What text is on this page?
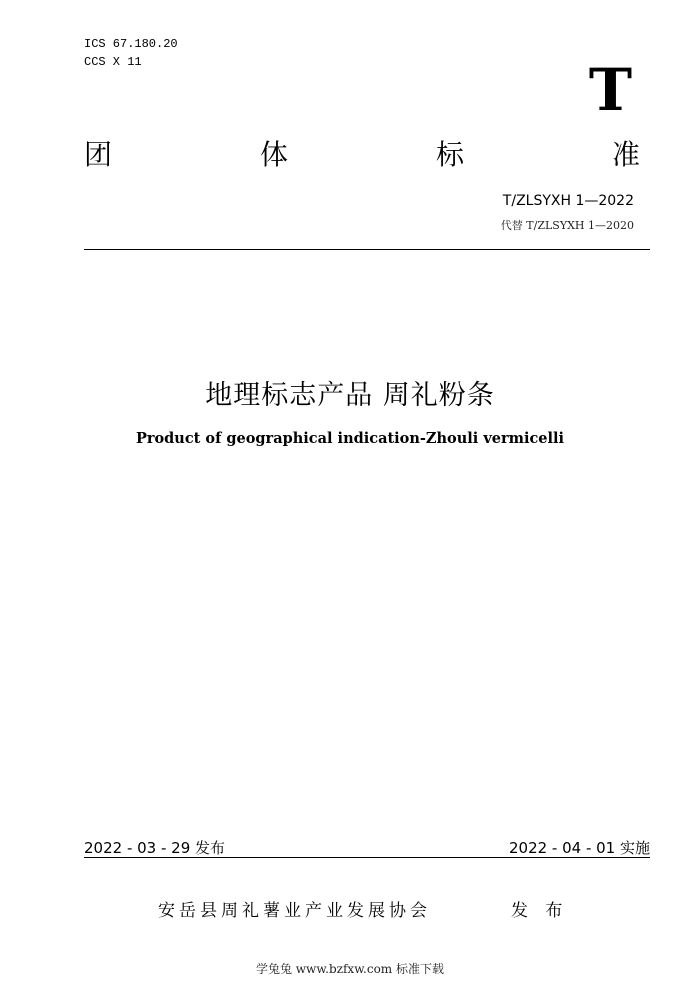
ICS 67.180.20
CCS X 11	T
团	体	标	准
T/ZLSYXH 1—2022
代替 T/ZLSYXH 1—2020
地理标志产品 周礼粉条
Product of geographical indication-Zhouli vermicelli
2022 - 03 - 29 发布	2022 - 04 - 01 实施
安岳县周礼薯业产业发展协会	发 布
学兔兔 www.bzfxw.com 标准下载
